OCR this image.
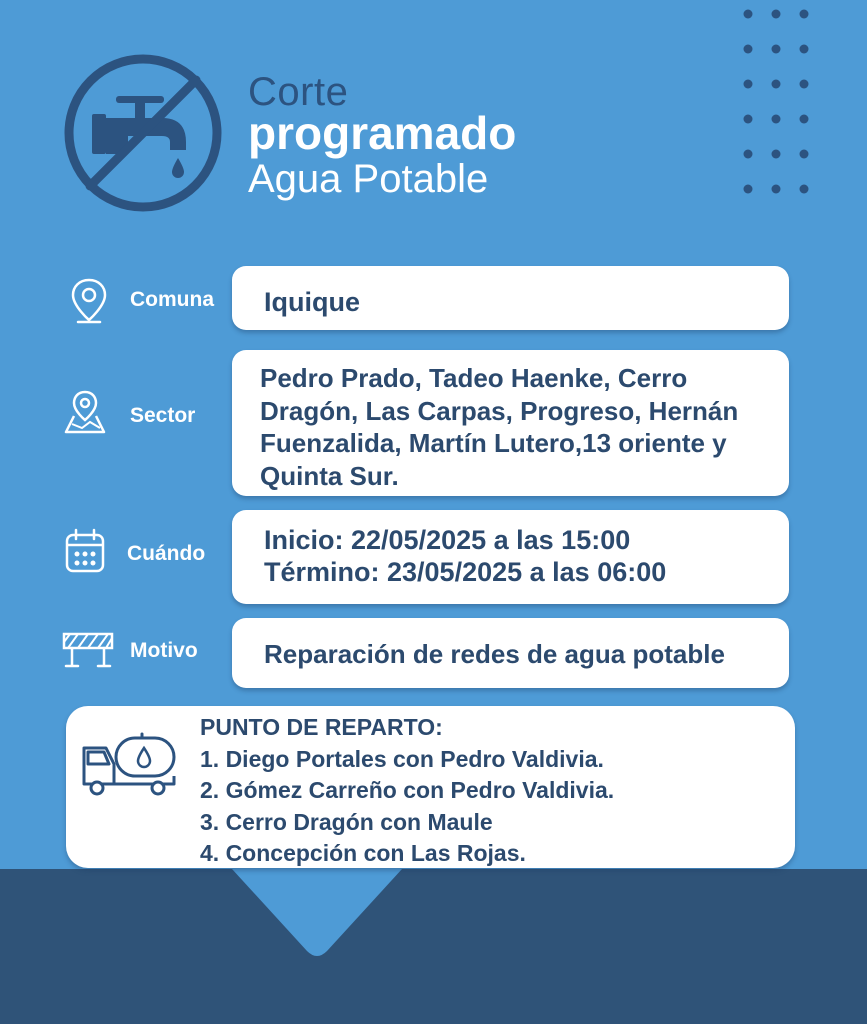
Corte
programado
Agua Potable
Comuna Iquique
Sector
Pedro Prado, Tadeo Haenke, Cerro Dragón, Las Carpas, Progreso, Hernán Fuenzalida, Martín Lutero,13 oriente y Quinta Sur.
Cuándo Inicio: 22/05/2025 a las 15:00
Término: 23/05/2025 a las 06:00
Motivo	Reparación de redes de agua potable
PUNTO DE REPARTO:
1. Diego Portales con Pedro Valdivia.
2. Gómez Carreño con Pedro Valdivia.
3. Cerro Dragón con Maule
4. Concepción con Las Rojas.
